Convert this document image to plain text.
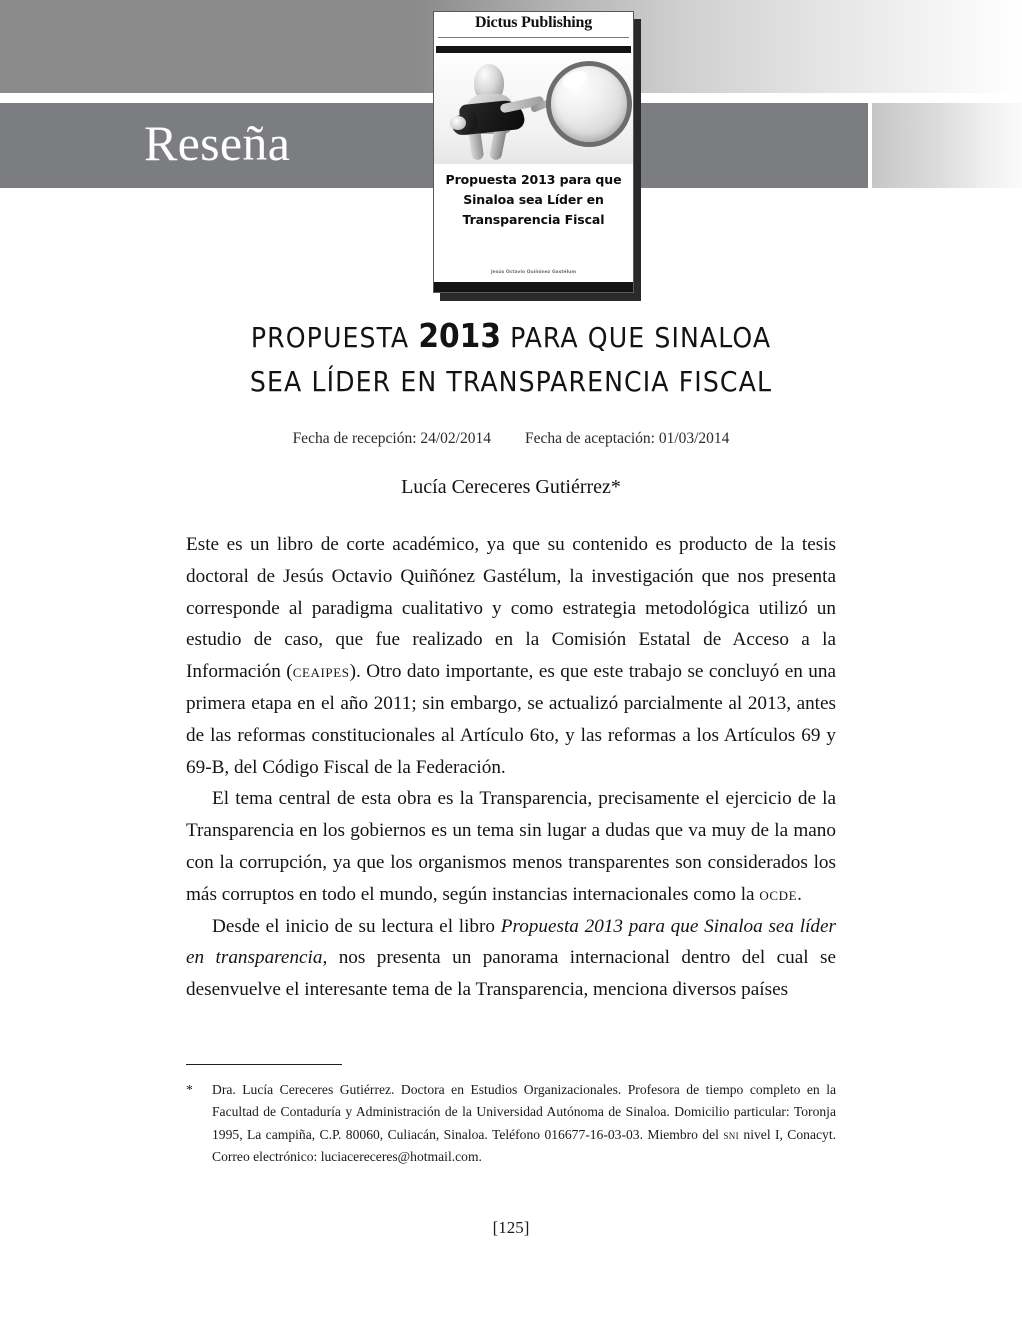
Reseña
Dictus Publishing
Propuesta 2013 para que
Sinaloa sea Líder en
Transparencia Fiscal
Jesús Octavio Quiñónez Gastélum
PROPUESTA 2013 PARA QUE SINALOA
SEA LÍDER EN TRANSPARENCIA FISCAL
Fecha de recepción: 24/02/2014 Fecha de aceptación: 01/03/2014
Lucía Cereceres Gutiérrez*

Este es un libro de corte académico, ya que su contenido es producto de la tesis doctoral de Jesús Octavio Quiñónez Gastélum, la investigación que nos presenta corresponde al paradigma cualitativo y como estrategia metodológica utilizó un estudio de caso, que fue realizado en la Comisión Estatal de Acceso a la Información (ceaipes). Otro dato importante, es que este trabajo se concluyó en una primera etapa en el año 2011; sin embargo, se actualizó parcialmente al 2013, antes de las reformas constitucionales al Artículo 6to, y las reformas a los Artículos 69 y 69-B, del Código Fiscal de la Federación.

El tema central de esta obra es la Transparencia, precisamente el ejercicio de la Transparencia en los gobiernos es un tema sin lugar a dudas que va muy de la mano con la corrupción, ya que los organismos menos transparentes son considerados los más corruptos en todo el mundo, según instancias internacionales como la ocde.

Desde el inicio de su lectura el libro Propuesta 2013 para que Sinaloa sea líder en transparencia, nos presenta un panorama internacional dentro del cual se desenvuelve el interesante tema de la Transparencia, menciona diversos países

*	Dra. Lucía Cereceres Gutiérrez. Doctora en Estudios Organizacionales. Profesora de tiempo completo en la Facultad de Contaduría y Administración de la Universidad Autónoma de Sinaloa. Domicilio particular: Toronja 1995, La campiña, C.P. 80060, Culiacán, Sinaloa. Teléfono 016677-16-03-03. Miembro del sni nivel I, Conacyt. Correo electrónico: luciacereceres@hotmail.com.
[125]
